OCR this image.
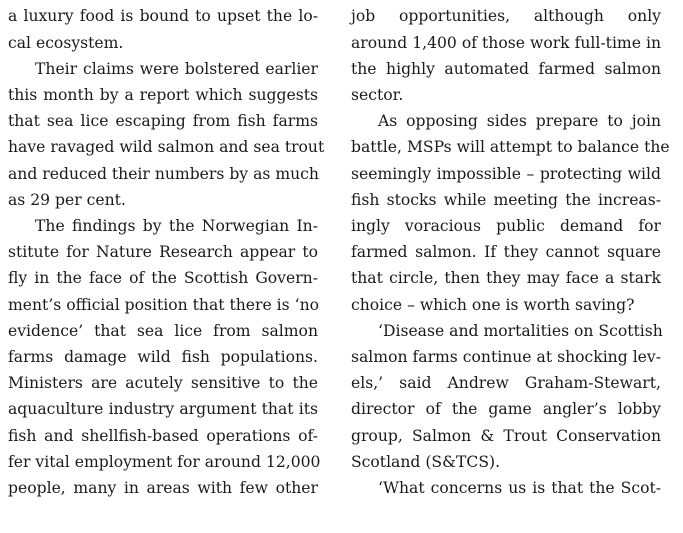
a luxury food is bound to upset the lo-
cal ecosystem.
Their claims were bolstered earlier
this month by a report which suggests
that sea lice escaping from fish farms
have ravaged wild salmon and sea trout
and reduced their numbers by as much
as 29 per cent.
The findings by the Norwegian In-
stitute for Nature Research appear to
fly in the face of the Scottish Govern-
ment’s official position that there is ‘no
evidence’ that sea lice from salmon
farms damage wild fish populations.
Ministers are acutely sensitive to the
aquaculture industry argument that its
fish and shellfish-based operations of-
fer vital employment for around 12,000
people, many in areas with few other
job opportunities, although only
around 1,400 of those work full-time in
the highly automated farmed salmon
sector.
As opposing sides prepare to join
battle, MSPs will attempt to balance the
seemingly impossible – protecting wild
fish stocks while meeting the increas-
ingly voracious public demand for
farmed salmon. If they cannot square
that circle, then they may face a stark
choice – which one is worth saving?
‘Disease and mortalities on Scottish
salmon farms continue at shocking lev-
els,’ said Andrew Graham-Stewart,
director of the game angler’s lobby
group, Salmon & Trout Conservation
Scotland (S&TCS).
‘What concerns us is that the Scot-
